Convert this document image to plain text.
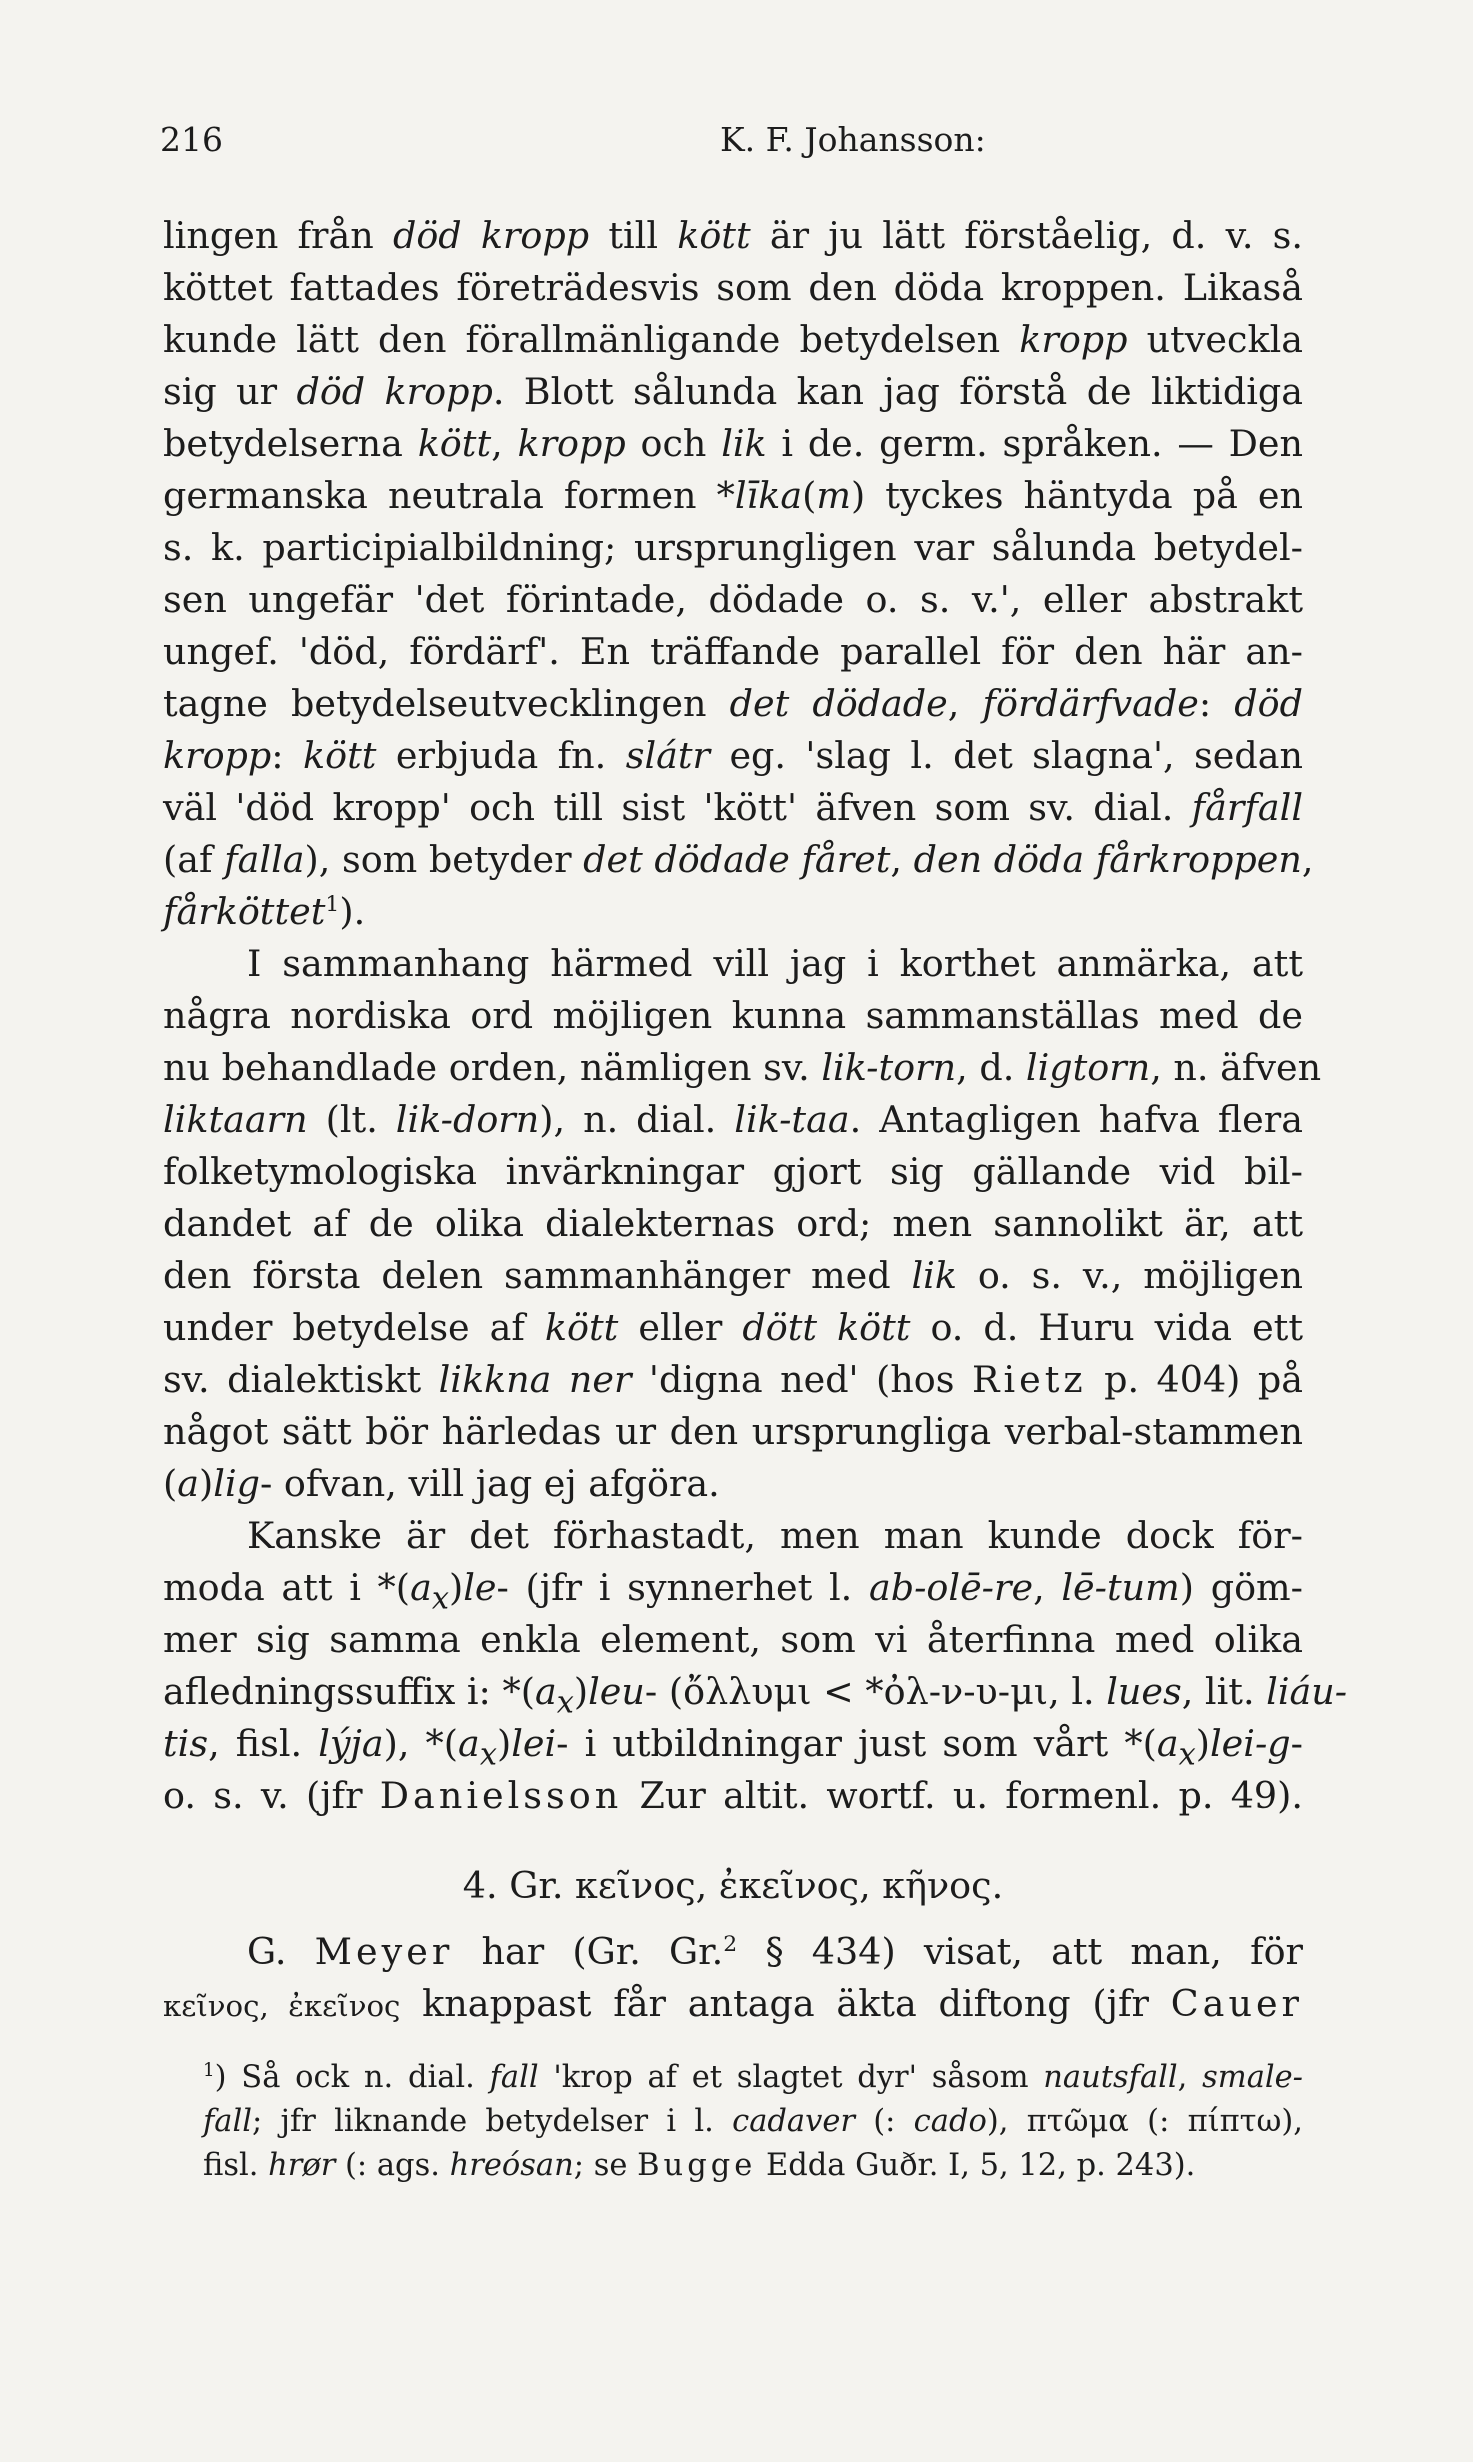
216	K. F. Johansson:
lingen från död kropp till kött är ju lätt förståelig, d. v. s.
köttet fattades företrädesvis som den döda kroppen. Likaså
kunde lätt den förallmänligande betydelsen kropp utveckla
sig ur död kropp. Blott sålunda kan jag förstå de liktidiga
betydelserna kött, kropp och lik i de. germ. språken. — Den
germanska neutrala formen *līka(m) tyckes häntyda på en
s. k. participialbildning; ursprungligen var sålunda betydel-
sen ungefär 'det förintade, dödade o. s. v.', eller abstrakt
ungef. 'död, fördärf'. En träffande parallel för den här an-
tagne betydelseutvecklingen det dödade, fördärfvade: död
kropp: kött erbjuda fn. slátr eg. 'slag l. det slagna', sedan
väl 'död kropp' och till sist 'kött' äfven som sv. dial. fårfall
(af falla), som betyder det dödade fåret, den döda fårkroppen,
fårköttet$^1$).
I sammanhang härmed vill jag i korthet anmärka, att
några nordiska ord möjligen kunna sammanställas med de
nu behandlade orden, nämligen sv. lik-torn, d. ligtorn, n. äfven
liktaarn (lt. lik-dorn), n. dial. lik-taa. Antagligen hafva flera
folketymologiska invärkningar gjort sig gällande vid bil-
dandet af de olika dialekternas ord; men sannolikt är, att
den första delen sammanhänger med lik o. s. v., möjligen
under betydelse af kött eller dött kött o. d. Huru vida ett
sv. dialektiskt likkna ner 'digna ned' (hos Rietz p. 404) på
något sätt bör härledas ur den ursprungliga verbal-stammen
(a)lig- ofvan, vill jag ej afgöra.
Kanske är det förhastadt, men man kunde dock för-
moda att i $*(a_x)le-$ (jfr i synnerhet l. ab-olē-re, lē-tum) göm-
mer sig samma enkla element, som vi återfinna med olika
afledningssuffix i: $*(a_x)leu-$ (ὄλλυμι < *ὀλ-ν-υ-μι, l. lues, lit. liáu-
tis, fisl. lýja), $*(a_x)lei-$ i utbildningar just som vårt $*(a_x)lei-g-$
o. s. v. (jfr Danielsson Zur altit. wortf. u. formenl. p. 49).
4. Gr. κεῖνος, ἐκεῖνος, κῆνος.
G. Meyer har (Gr. Gr.$^2$ § 434) visat, att man, för
κεῖνος, ἐκεῖνος knappast får antaga äkta diftong (jfr Cauer
$^1$) Så ock n. dial. fall 'krop af et slagtet dyr' såsom nautsfall, smale-
fall; jfr liknande betydelser i l. cadaver (: cado), πτῶμα (: πίπτω),
fisl. hrør (: ags. hreósan; se Bugge Edda Guðr. I, 5, 12, p. 243).
